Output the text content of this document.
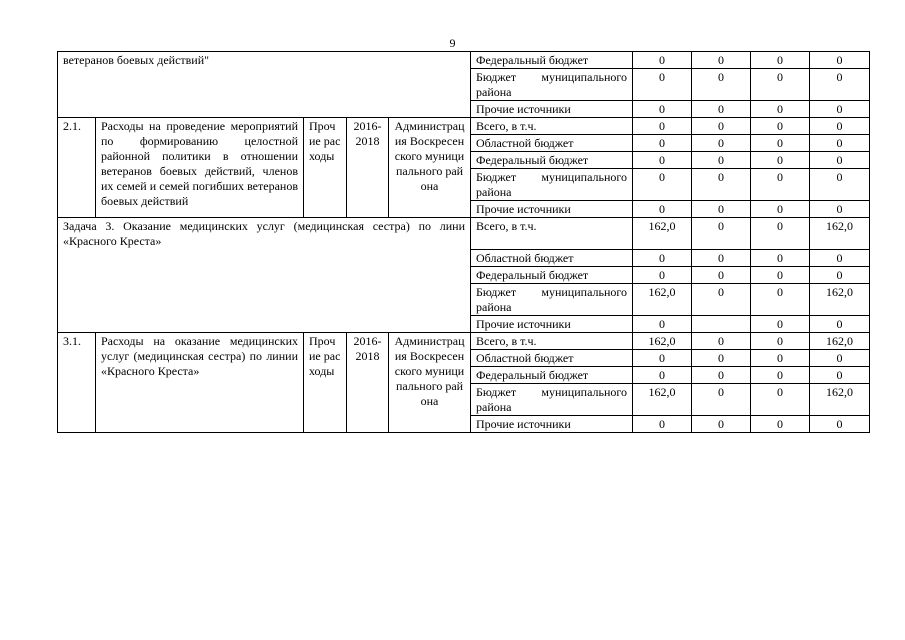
9
ветеранов боевых действий"					Федеральный бюджет	0	0	0	0
					Бюджет муниципального района	0	0	0	0
					Прочие источники	0	0	0	0
2.1.	Расходы на проведение мероприятий по формированию целостной районной политики в отношении ветеранов боевых действий, членов их семей и семей погибших ветеранов боевых действий	Прочие расходы	2016-2018	Администрация Воскресенского муниципального района	Всего, в т.ч.	0	0	0	0
					Областной бюджет	0	0	0	0
					Федеральный бюджет	0	0	0	0
					Бюджет муниципального района	0	0	0	0
					Прочие источники	0	0	0	0
Задача 3. Оказание медицинских услуг (медицинская сестра) по лини «Красного Креста»					Всего, в т.ч.	162,0	0	0	162,0
					Областной бюджет	0	0	0	0
					Федеральный бюджет	0	0	0	0
					Бюджет муниципального района	162,0	0	0	162,0
					Прочие источники	0		0	0
3.1.	Расходы на оказание медицинских услуг (медицинская сестра) по линии «Красного Креста»	Прочие расходы	2016-2018	Администрация Воскресенского муниципального района	Всего, в т.ч.	162,0	0	0	162,0
					Областной бюджет	0	0	0	0
					Федеральный бюджет	0	0	0	0
					Бюджет муниципального района	162,0	0	0	162,0
					Прочие источники	0	0	0	0
